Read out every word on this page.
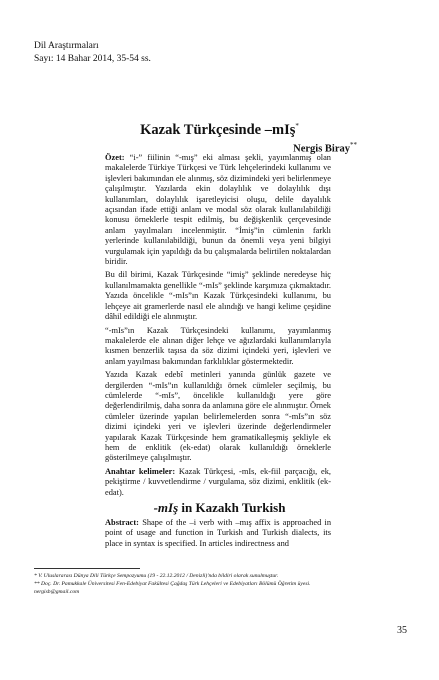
Dil Araştırmaları
Sayı: 14 Bahar 2014, 35-54 ss.
Kazak Türkçesinde –mIş*
Nergis Biray**

Özet: “i-” fiilinin “-mış” eki alması şekli, yayımlanmış olan makalelerde Türkiye Türkçesi ve Türk lehçelerindeki kullanımı ve işlevleri bakımından ele alınmış, söz dizimindeki yeri belirlenmeye çalışılmıştır. Yazılarda ekin dolaylılık ve dolaylılık dışı kullanımları, dolaylılık işaretleyicisi oluşu, delile dayalılık açısından ifade ettiği anlam ve modal söz olarak kullanılabildiği konusu örneklerle tespit edilmiş, bu değişkenlik çerçevesinde anlam yayılmaları incelenmiştir. “İmiş”in cümlenin farklı yerlerinde kullanılabildiği, bunun da önemli veya yeni bilgiyi vurgulamak için yapıldığı da bu çalışmalarda belirtilen noktalardan biridir.

Bu dil birimi, Kazak Türkçesinde “imiş” şeklinde neredeyse hiç kullanılmamakta genellikle “-mIs” şeklinde karşımıza çıkmaktadır. Yazıda öncelikle “-mIs”ın Kazak Türkçesindeki kullanımı, bu lehçeye ait gramerlerde nasıl ele alındığı ve hangi kelime çeşidine dâhil edildiği ele alınmıştır.

“-mIs”ın Kazak Türkçesindeki kullanımı, yayımlanmış makalelerde ele alınan diğer lehçe ve ağızlardaki kullanımlarıyla kısmen benzerlik taşısa da söz dizimi içindeki yeri, işlevleri ve anlam yayılması bakımından farklılıklar göstermektedir.

Yazıda Kazak edebî metinleri yanında günlük gazete ve dergilerden “-mIs”ın kullanıldığı örnek cümleler seçilmiş, bu cümlelerde “-mIs”, öncelikle kullanıldığı yere göre değerlendirilmiş, daha sonra da anlamına göre ele alınmıştır. Örnek cümleler üzerinde yapılan belirlemelerden sonra “-mIs”ın söz dizimi içindeki yeri ve işlevleri üzerinde değerlendirmeler yapılarak Kazak Türkçesinde hem gramatikalleşmiş şekliyle ek hem de enklitik (ek-edat) olarak kullanıldığı örneklerle gösterilmeye çalışılmıştır.

Anahtar kelimeler: Kazak Türkçesi, -mIs, ek-fiil parçacığı, ek, pekiştirme / kuvvetlendirme / vurgulama, söz dizimi, enklitik (ek-edat).

-mIş in Kazakh Turkish
Abstract: Shape of the –i verb with –mış affix is approached in point of usage and function in Turkish and Turkish dialects, its place in syntax is specified. In articles indirectness and
* V. Uluslararası Dünya Dili Türkçe Sempozyumu (19 - 22.12.2012 / Denizli)'nda bildiri olarak sunulmuştur.
** Doç. Dr. Pamukkale Üniversitesi Fen-Edebiyat Fakültesi Çağdaş Türk Lehçeleri ve Edebiyatları Bölümü Öğretim üyesi.
nergisb@gmail.com
35
